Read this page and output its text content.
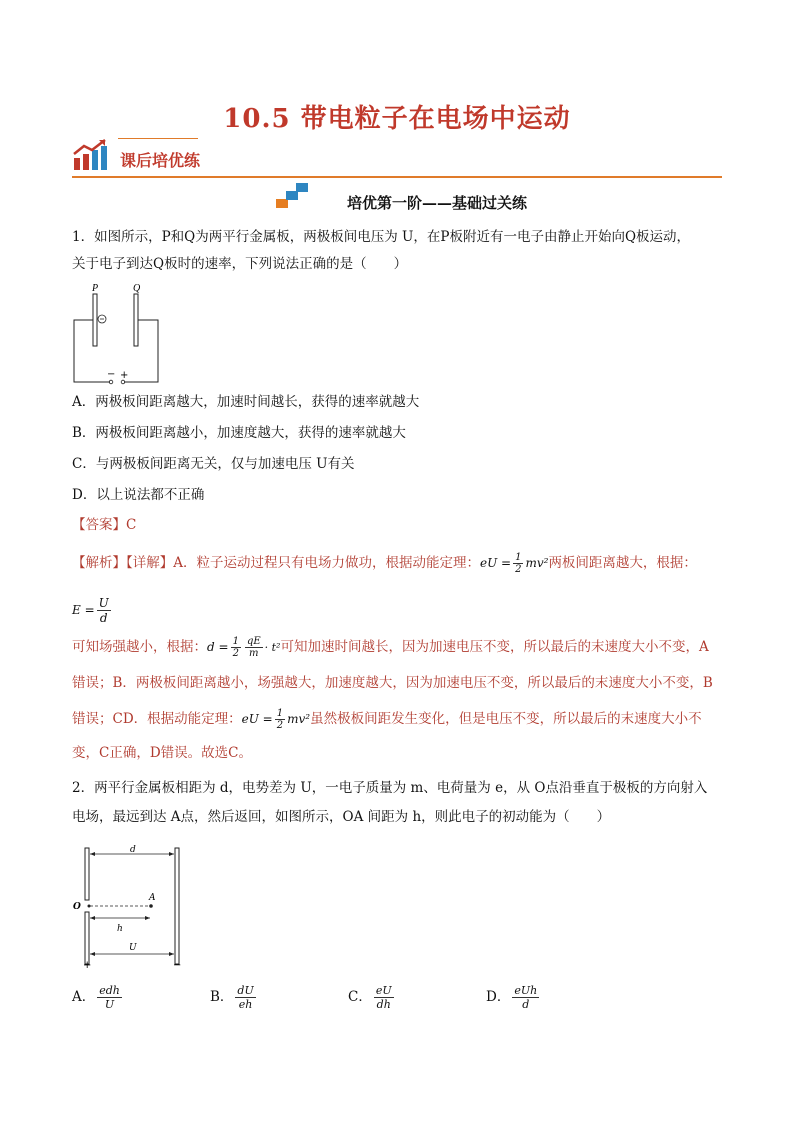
10.5 带电粒子在电场中运动
课后培优练
培优第一阶——基础过关练
1．如图所示，P和Q为两平行金属板，两极板间电压为 U，在P板附近有一电子由静止开始向Q板运动，
关于电子到达Q板时的速率，下列说法正确的是（　　）
P	Q
− +
A．两极板间距离越大，加速时间越长，获得的速率就越大
B．两极板间距离越小，加速度越大，获得的速率就越大
C．与两极板间距离无关，仅与加速电压 U有关
D．以上说法都不正确
【答案】C
【解析】【详解】A．粒子运动过程只有电场力做功，根据动能定理：eU = $\frac{1}{2} mv^2$两板间距离越大，根据：
$E = \frac{U}{d}$
可知场强越小，根据：$d = \frac{1}{2} \frac{qE}{m} \cdot t^2$可知加速时间越长，因为加速电压不变，所以最后的末速度大小不变，A
错误；B．两极板间距离越小，场强越大，加速度越大，因为加速电压不变，所以最后的末速度大小不变，B
错误；CD．根据动能定理：eU = $\frac{1}{2} mv^2$虽然极板间距发生变化，但是电压不变，所以最后的末速度大小不
变，C正确，D错误。故选C。
2．两平行金属板相距为 d，电势差为 U，一电子质量为 m、电荷量为 e，从 O点沿垂直于极板的方向射入
电场，最远到达 A点，然后返回，如图所示，OA 间距为 h，则此电子的初动能为（　　）
d
O
A
h
U
+	−
A． $\frac{\text{edh}}{U}$	B． $\frac{dU}{eh}$	C． $\frac{eU}{dh}$	D． $\frac{\text{eUh}}{d}$
